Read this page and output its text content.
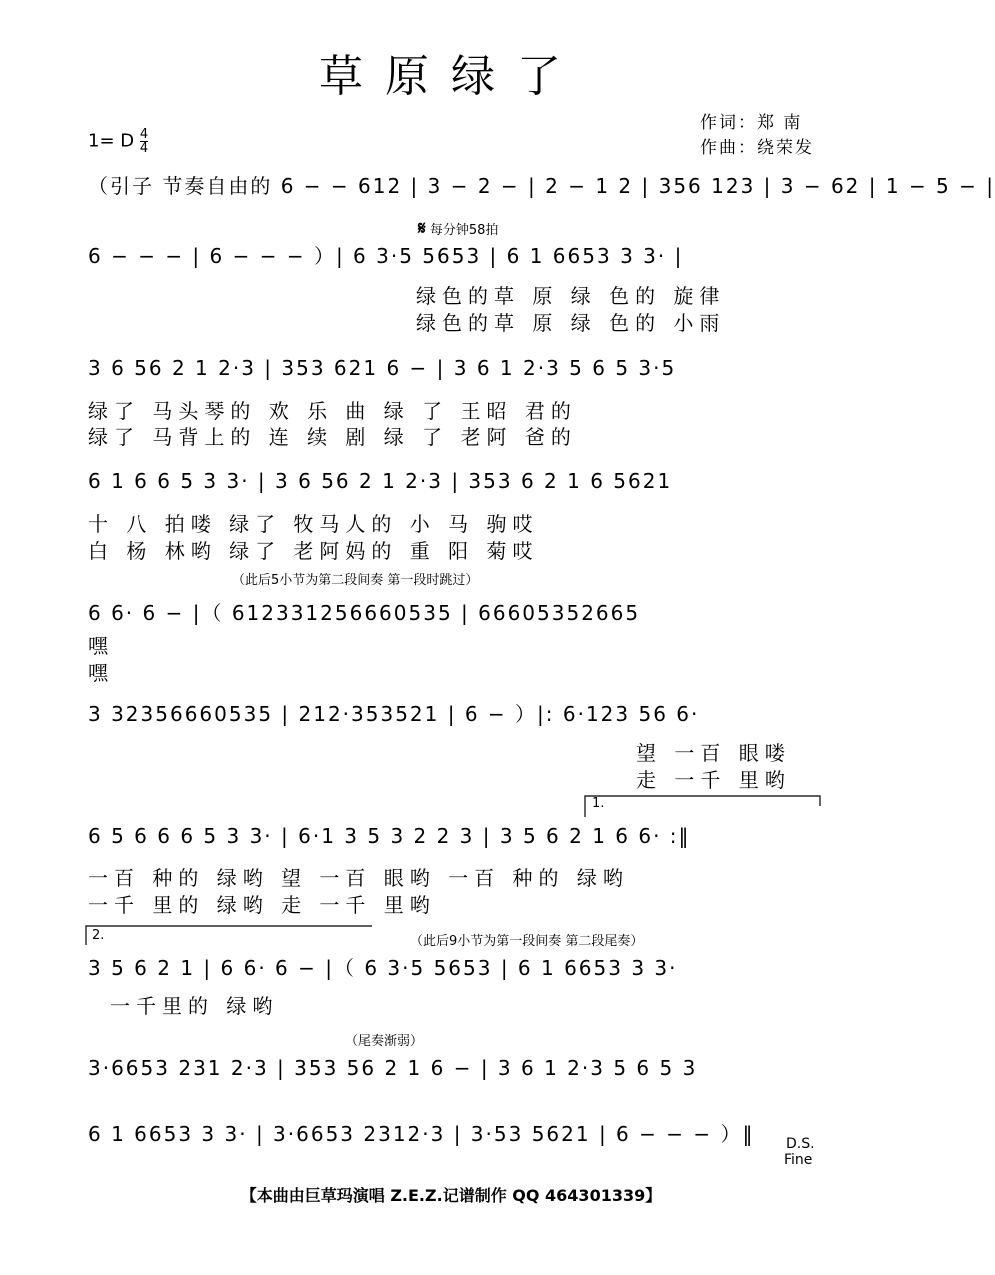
草原绿了
作词：郑 南
作曲：绕荣发
1= D $\frac{4}{4}$
（引子 节奏自由的 6 − − 612 | 3 − 2 − | 2 − 1 2 | 356 123 | 3 − 62 | 1 − 5 − |
𝄋 每分钟58拍
6 − − − | 6 − − − ）| 6 3·5 5653 | 6 1 6653 3 3· |
绿色的草 原 绿 色的 旋律
绿色的草 原 绿 色的 小雨
3 6 56 2 1 2·3 | 353 621 6 − | 3 6 1 2·3 5 6 5 3·5
绿了 马头琴的 欢 乐 曲 绿 了 王昭 君的
绿了 马背上的 连 续 剧 绿 了 老阿 爸的
6 1 6 6 5 3 3· | 3 6 56 2 1 2·3 | 353 6 2 1 6 5621
十 八 拍喽 绿了 牧马人的 小 马 驹哎
白 杨 林哟 绿了 老阿妈的 重 阳 菊哎
（此后5小节为第二段间奏 第一段时跳过）
6 6· 6 − |（ 612331256660535 | 66605352665
嘿
嘿
3 32356660535 | 212·353521 | 6 − ）|: 6·123 56 6·
望 一百 眼喽
走 一千 里哟
1.
6 5 6 6 6 5 3 3· | 6·1 3 5 3 2 2 3 | 3 5 6 2 1 6 6· :‖
一百 种的 绿哟 望 一百 眼哟 一百 种的 绿哟
一千 里的 绿哟 走 一千 里哟
2.	（此后9小节为第一段间奏 第二段尾奏）
3 5 6 2 1 | 6 6· 6 − |（ 6 3·5 5653 | 6 1 6653 3 3·
一千里的 绿哟
（尾奏渐弱）
3·6653 231 2·3 | 353 56 2 1 6 − | 3 6 1 2·3 5 6 5 3
6 1 6653 3 3· | 3·6653 2312·3 | 3·53 5621 | 6 − − − ）‖ D.S.
Fine
【本曲由巨草玛演唱 Z.E.Z.记谱制作 QQ 464301339】
